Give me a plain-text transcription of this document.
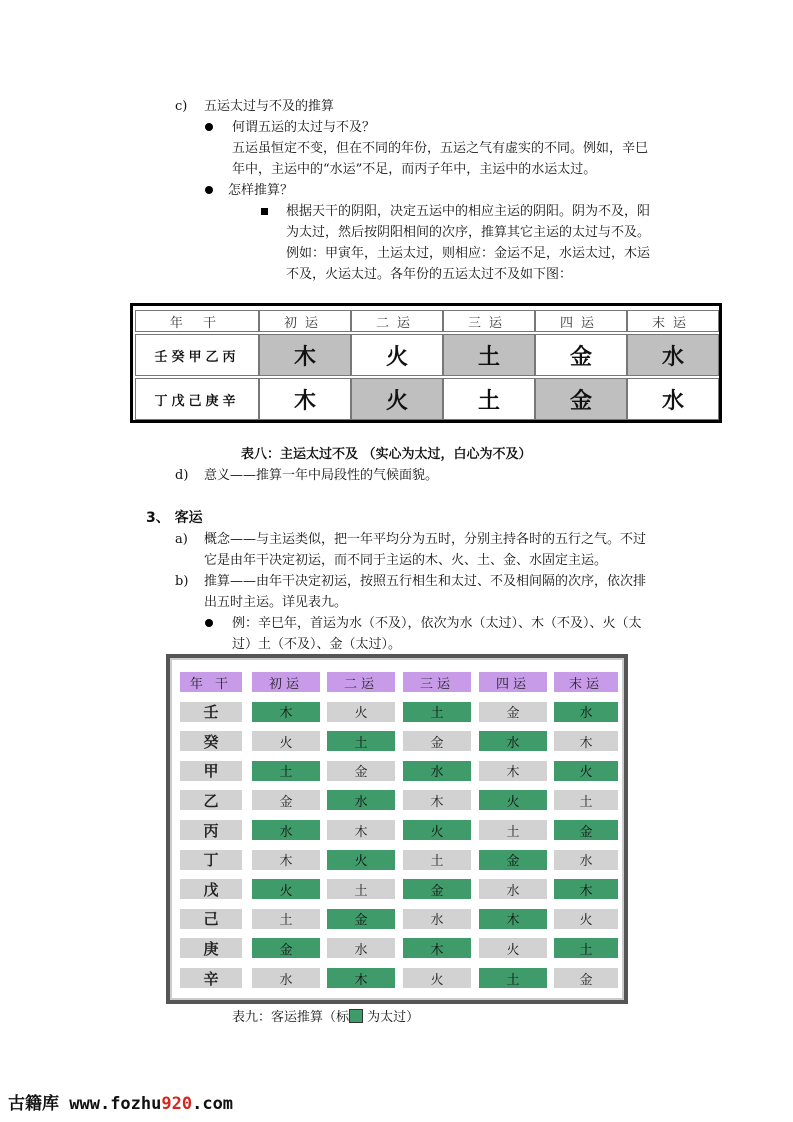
c) 五运太过与不及的推算
何谓五运的太过与不及？
五运虽恒定不变，但在不同的年份，五运之气有虚实的不同。例如，辛巳
年中，主运中的“水运”不足，而丙子年中，主运中的水运太过。
怎样推算？
根据天干的阴阳，决定五运中的相应主运的阴阳。阴为不及，阳
为太过，然后按阴阳相间的次序，推算其它主运的太过与不及。
例如：甲寅年，土运太过，则相应：金运不足，水运太过，木运
不及，火运太过。各年份的五运太过不及如下图：
年 干	初运	二运	三运	四运	末运
壬癸甲乙丙	木	火	土	金	水
丁戊己庚辛	木	火	土	金	水
表八：主运太过不及 （实心为太过，白心为不及）
d) 意义——推算一年中局段性的气候面貌。
3、 客运
a) 概念——与主运类似，把一年平均分为五时，分别主持各时的五行之气。不过
它是由年干决定初运，而不同于主运的木、火、土、金、水固定主运。
b) 推算——由年干决定初运，按照五行相生和太过、不及相间隔的次序，依次排
出五时主运。详见表九。
例：辛巳年，首运为水（不及），依次为水（太过）、木（不及）、火（太
过）土（不及）、金（太过）。
年 干	初运	二运	三运	四运	末运
壬	木	火	土	金	水
癸	火	土	金	水	木
甲	土	金	水	木	火
乙	金	水	木	火	土
丙	水	木	火	土	金
丁	木	火	土	金	水
戊	火	土	金	水	木
己	土	金	水	木	火
庚	金	水	木	火	土
辛	水	木	火	土	金
表九：客运推算（标 为太过）
古籍库 www.fozhu920.com
